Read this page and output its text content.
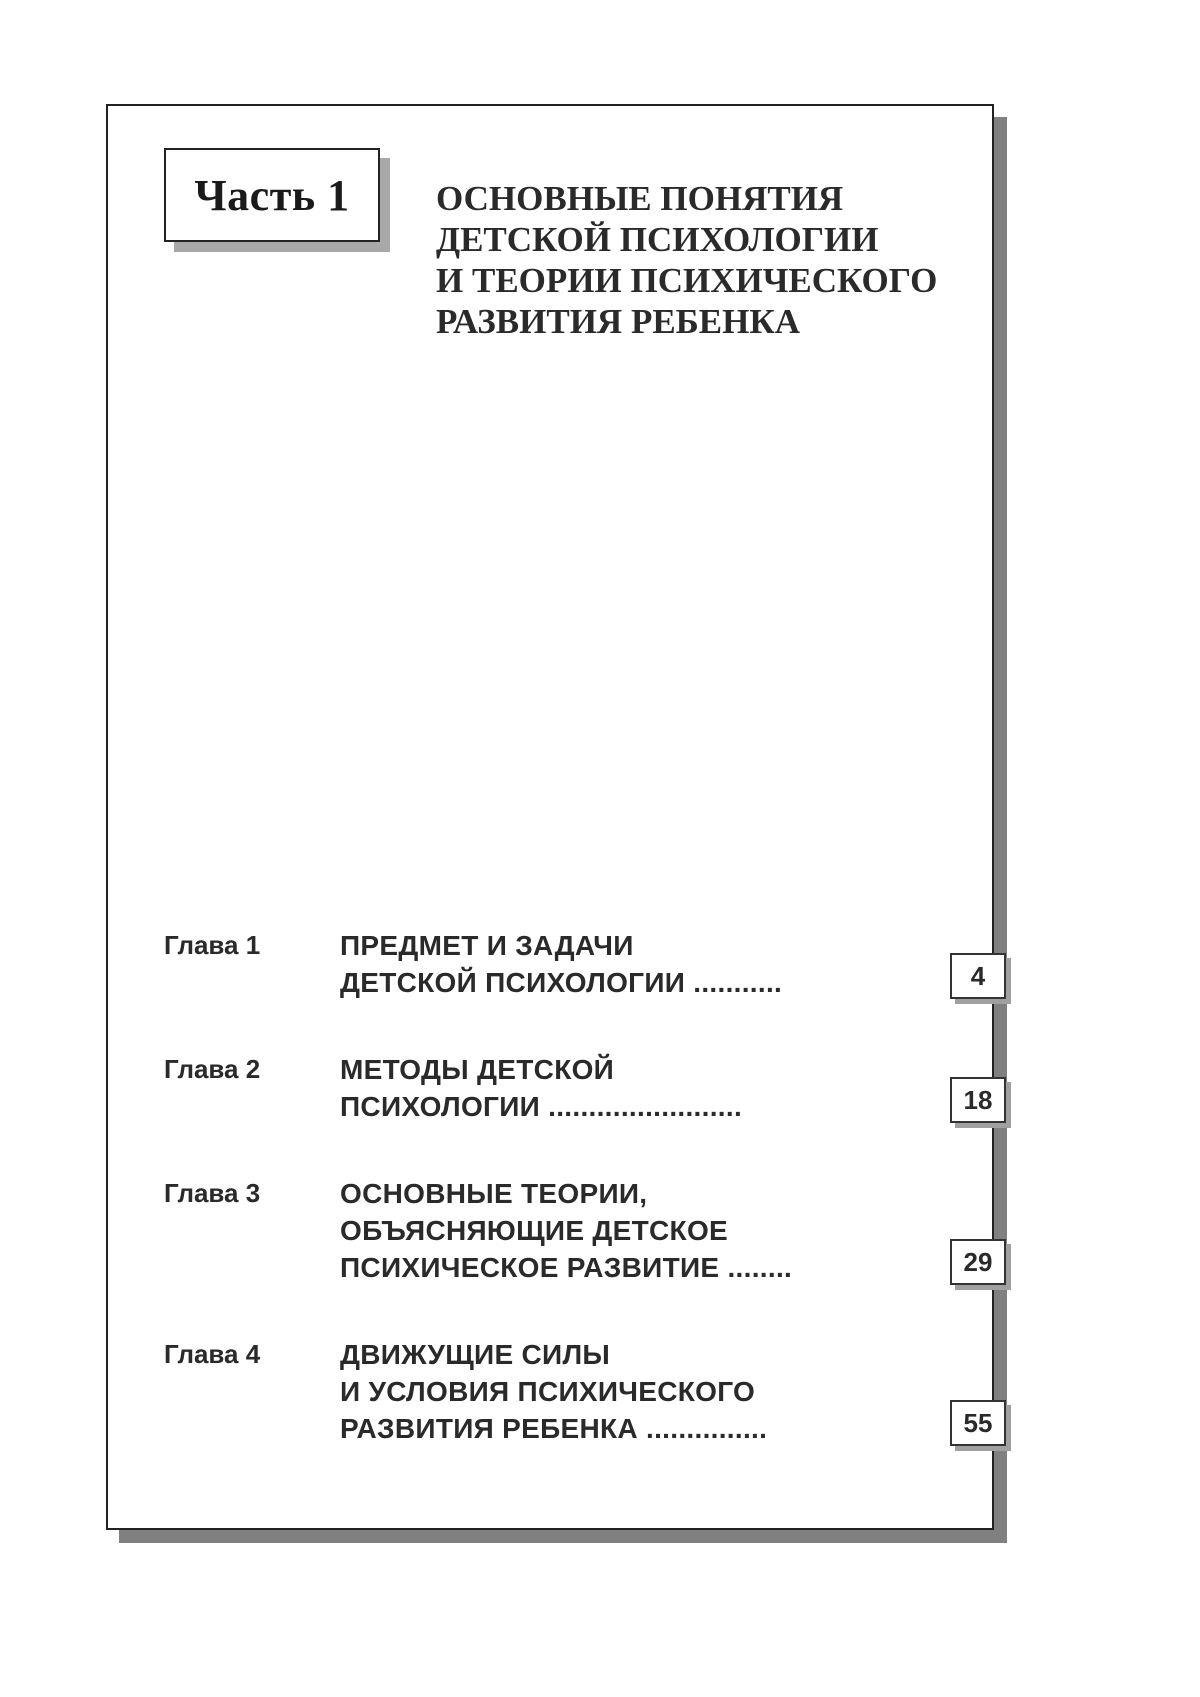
Часть 1 ОСНОВНЫЕ ПОНЯТИЯ
ДЕТСКОЙ ПСИХОЛОГИИ
И ТЕОРИИ ПСИХИЧЕСКОГО
РАЗВИТИЯ РЕБЕНКА
Глава 1	ПРЕДМЕТ И ЗАДАЧИ
ДЕТСКОЙ ПСИХОЛОГИИ ...........	4
Глава 2	МЕТОДЫ ДЕТСКОЙ
ПСИХОЛОГИИ ........................	18
Глава 3	ОСНОВНЫЕ ТЕОРИИ,
ОБЪЯСНЯЮЩИЕ ДЕТСКОЕ
ПСИХИЧЕСКОЕ РАЗВИТИЕ ........	29
Глава 4	ДВИЖУЩИЕ СИЛЫ
И УСЛОВИЯ ПСИХИЧЕСКОГО
РАЗВИТИЯ РЕБЕНКА ...............	55
